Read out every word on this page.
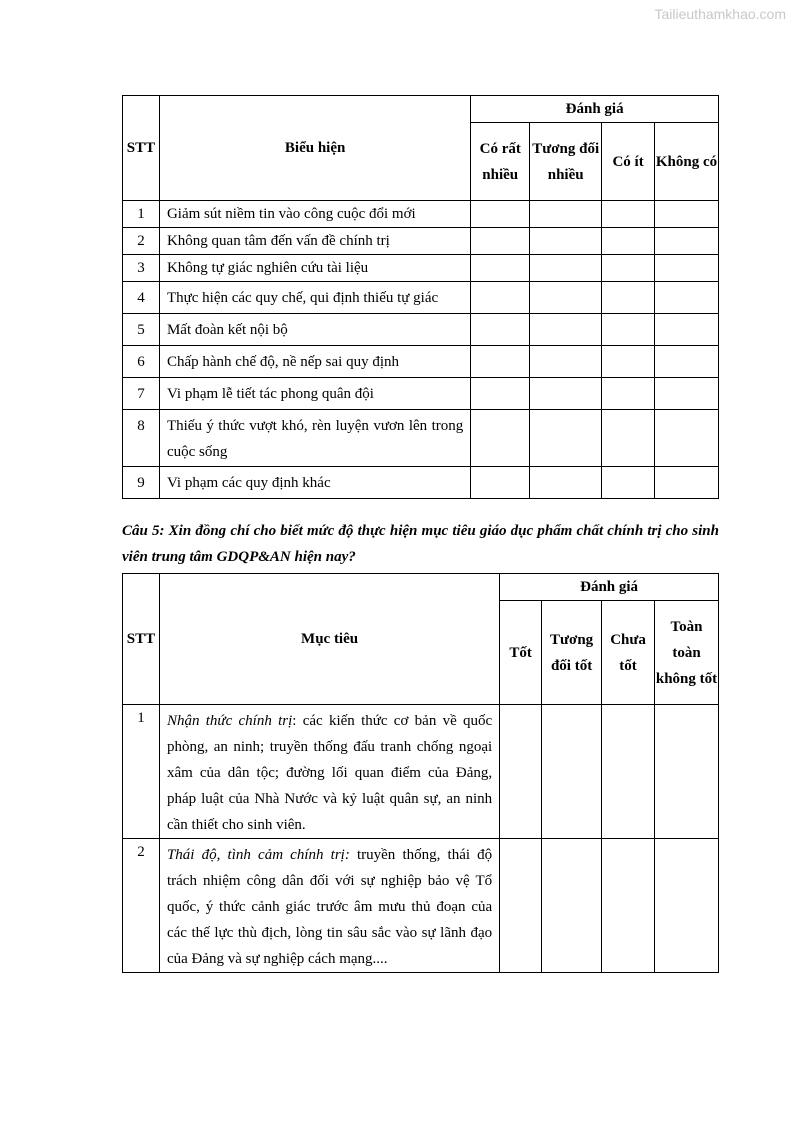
Tailieuthamkhao.com
STT	Biểu hiện	Đánh giá			
		Có rất nhiều	Tương đối nhiều	Có ít	Không có
1	Giảm sút niềm tin vào công cuộc đổi mới				
2	Không quan tâm đến vấn đề chính trị				
3	Không tự giác nghiên cứu tài liệu				
4	Thực hiện các quy chế, qui định thiếu tự giác				
5	Mất đoàn kết nội bộ				
6	Chấp hành chế độ, nề nếp sai quy định				
7	Vi phạm lễ tiết tác phong quân đội				
8	Thiếu ý thức vượt khó, rèn luyện vươn lên trong cuộc sống				
9	Vi phạm các quy định khác				
Câu 5: Xin đồng chí cho biết mức độ thực hiện mục tiêu giáo dục phẩm chất chính trị cho sinh viên trung tâm GDQP&AN hiện nay?
STT	Mục tiêu	Đánh giá			
		Tốt	Tương đối tốt	Chưa tốt	Toàn toàn không tốt
1	Nhận thức chính trị: các kiến thức cơ bản về quốc phòng, an ninh; truyền thống đấu tranh chống ngoại xâm của dân tộc; đường lối quan điểm của Đảng, pháp luật của Nhà Nước và kỷ luật quân sự, an ninh cần thiết cho sinh viên.				
2	Thái độ, tình cảm chính trị: truyền thống, thái độ trách nhiệm công dân đối với sự nghiệp bảo vệ Tổ quốc, ý thức cảnh giác trước âm mưu thủ đoạn của các thế lực thù địch, lòng tin sâu sắc vào sự lãnh đạo của Đảng và sự nghiệp cách mạng....				
